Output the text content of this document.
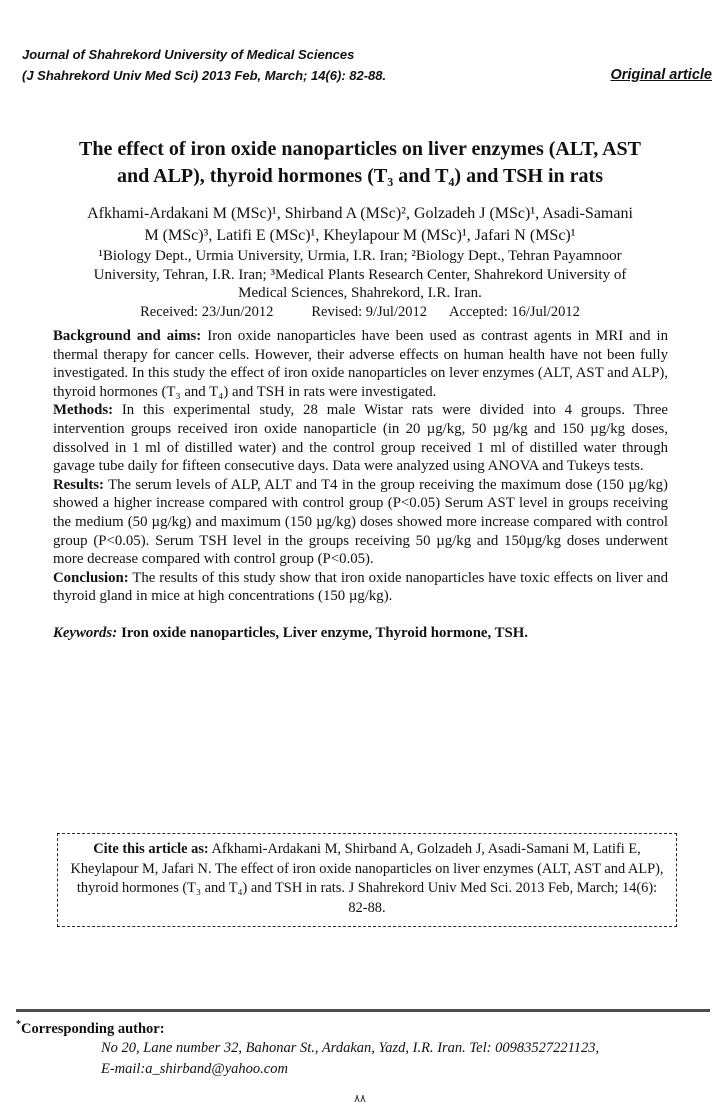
Journal of Shahrekord University of Medical Sciences
(J Shahrekord Univ Med Sci) 2013 Feb, March; 14(6): 82-88.	Original article
The effect of iron oxide nanoparticles on liver enzymes (ALT, AST
and ALP), thyroid hormones (T₃ and T₄) and TSH in rats
Afkhami-Ardakani M (MSc)¹, Shirband A (MSc)², Golzadeh J (MSc)¹, Asadi-Samani
M (MSc)³, Latifi E (MSc)¹, Kheylapour M (MSc)¹, Jafari N (MSc)¹
¹Biology Dept., Urmia University, Urmia, I.R. Iran; ²Biology Dept., Tehran Payamnoor
University, Tehran, I.R. Iran; ³Medical Plants Research Center, Shahrekord University of
Medical Sciences, Shahrekord, I.R. Iran.
Received: 23/Jun/2012	Revised: 9/Jul/2012 Accepted: 16/Jul/2012

Background and aims: Iron oxide nanoparticles have been used as contrast agents in MRI and in thermal therapy for cancer cells. However, their adverse effects on human health have not been fully investigated. In this study the effect of iron oxide nanoparticles on lever enzymes (ALT, AST and ALP), thyroid hormones (T₃ and T₄) and TSH in rats were investigated.

Methods: In this experimental study, 28 male Wistar rats were divided into 4 groups. Three intervention groups received iron oxide nanoparticle (in 20 µg/kg, 50 µg/kg and 150 µg/kg doses, dissolved in 1 ml of distilled water) and the control group received 1 ml of distilled water through gavage tube daily for fifteen consecutive days. Data were analyzed using ANOVA and Tukeys tests.

Results: The serum levels of ALP, ALT and T4 in the group receiving the maximum dose (150 µg/kg) showed a higher increase compared with control group (P<0.05) Serum AST level in groups receiving the medium (50 µg/kg) and maximum (150 µg/kg) doses showed more increase compared with control group (P<0.05). Serum TSH level in the groups receiving 50 µg/kg and 150µg/kg doses underwent more decrease compared with control group (P<0.05).

Conclusion: The results of this study show that iron oxide nanoparticles have toxic effects on liver and thyroid gland in mice at high concentrations (150 µg/kg).

Keywords: Iron oxide nanoparticles, Liver enzyme, Thyroid hormone, TSH.
Cite this article as: Afkhami-Ardakani M, Shirband A, Golzadeh J, Asadi-Samani M, Latifi E, Kheylapour M, Jafari N. The effect of iron oxide nanoparticles on liver enzymes (ALT, AST and ALP), thyroid hormones (T₃ and T₄) and TSH in rats. J Shahrekord Univ Med Sci. 2013 Feb, March; 14(6): 82-88.
*Corresponding author:
No 20, Lane number 32, Bahonar St., Ardakan, Yazd, I.R. Iran. Tel: 00983527221123,
E-mail:a_shirband@yahoo.com
۸۸
